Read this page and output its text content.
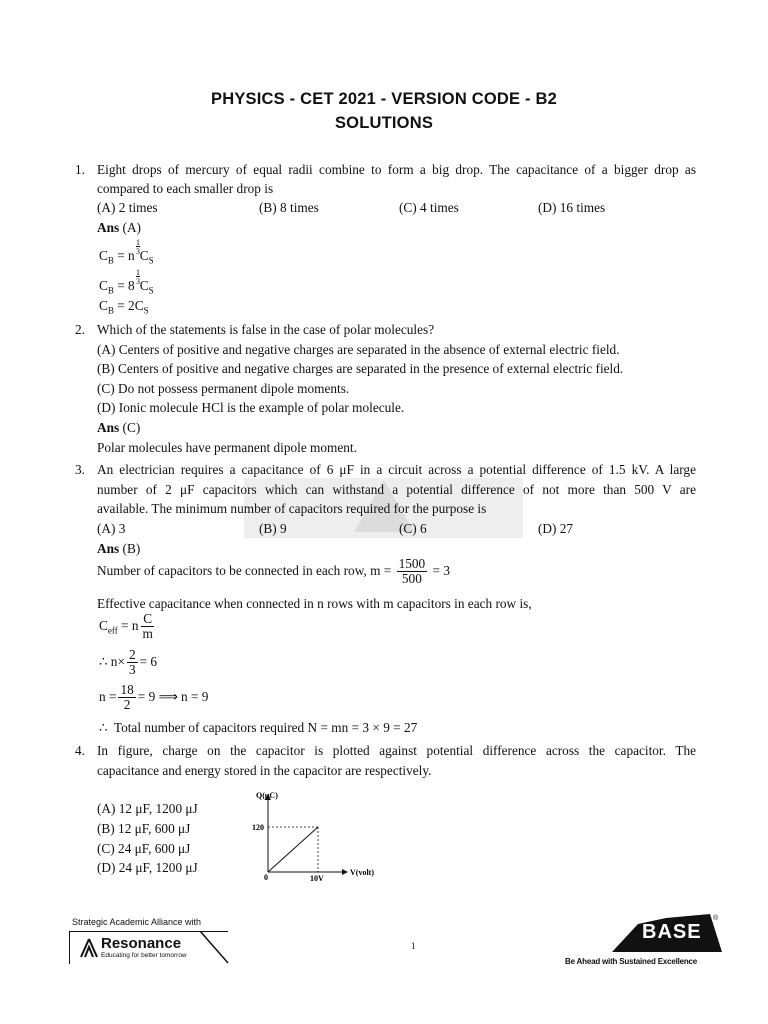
PHYSICS - CET 2021 - VERSION CODE - B2
SOLUTIONS
1. Eight drops of mercury of equal radii combine to form a big drop. The capacitance of a bigger drop as
compared to each smaller drop is
(A) 2 times	(B) 8 times	(C) 4 times	(D) 16 times
Ans (A)
$C_B = n$ $C_S$
1
3
$C_B = 8$ $C_S$
1
3
$C_B = 2C_S$
2. Which of the statements is false in the case of polar molecules?
(A) Centers of positive and negative charges are separated in the absence of external electric field.
(B) Centers of positive and negative charges are separated in the presence of external electric field.
(C) Do not possess permanent dipole moments.
(D) Ionic molecule HCl is the example of polar molecule.
Ans (C)
Polar molecules have permanent dipole moment.
3. An electrician requires a capacitance of 6 μF in a circuit across a potential difference of 1.5 kV. A large
number of 2 μF capacitors which can withstand a potential difference of not more than 500 V are
available. The minimum number of capacitors required for the purpose is
(A) 3	(B) 9	(C) 6	(D) 27
Ans (B)
Number of capacitors to be connected in each row, $m = \frac{1500}{500} = 3$
Effective capacitance when connected in n rows with m capacitors in each row is,
$C_{eff} = n \frac{C}{m}$
∴ $n\times \frac{2}{3} = 6$
$n = \frac{18}{2} = 9$ ⟹ n = 9
∴ Total number of capacitors required N = mn = 3 × 9 = 27
4. In figure, charge on the capacitor is plotted against potential difference across the capacitor. The
capacitance and energy stored in the capacitor are respectively.
(A) 12 μF, 1200 μJ
(B) 12 μF, 600 μJ
(C) 24 μF, 600 μJ
(D) 24 μF, 1200 μJ
Q(μC)
120
0	10V
V(volt)
Strategic Academic Alliance with
Resonance
Educating for better tomorrow
1
BASE
®
Be Ahead with Sustained Excellence
